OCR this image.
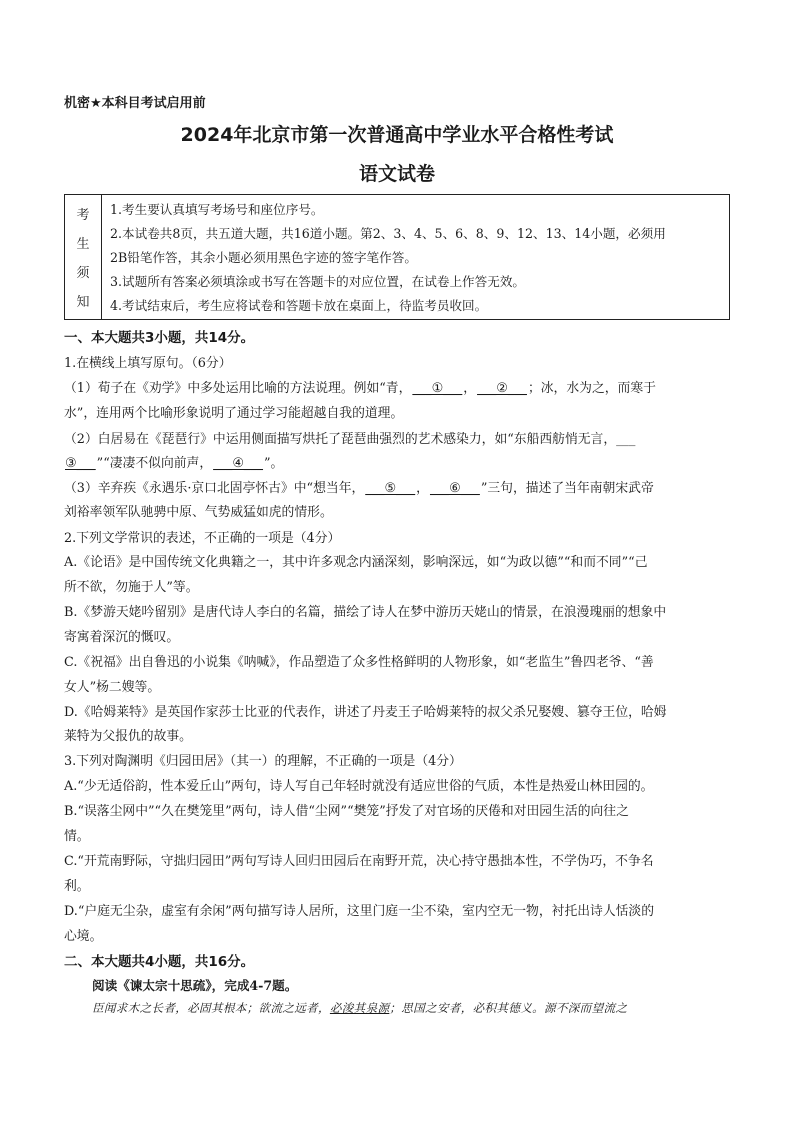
机密★本科目考试启用前
2024年北京市第一次普通高中学业水平合格性考试
语文试卷
考
生
须
知
1.考生要认真填写考场号和座位序号。
2.本试卷共8页，共五道大题，共16道小题。第2、3、4、5、6、8、9、12、13、14小题，必须用
2B铅笔作答，其余小题必须用黑色字迹的签字笔作答。
3.试题所有答案必须填涂或书写在答题卡的对应位置，在试卷上作答无效。
4.考试结束后，考生应将试卷和答题卡放在桌面上，待监考员收回。
一、本大题共3小题，共14分。
1.在横线上填写原句。（6分）
（1）荀子在《劝学》中多处运用比喻的方法说理。例如“青，___①___，___②___；冰，水为之，而寒于
水”，连用两个比喻形象说明了通过学习能超越自我的道理。
（2）白居易在《琵琶行》中运用侧面描写烘托了琵琶曲强烈的艺术感染力，如“东船西舫悄无言，___
③___”“凄凄不似向前声，___④___”。
（3）辛弃疾《永遇乐·京口北固亭怀古》中“想当年，___⑤___，___⑥___”三句，描述了当年南朝宋武帝
刘裕率领军队驰骋中原、气势威猛如虎的情形。
2.下列文学常识的表述，不正确的一项是（4分）
A.《论语》是中国传统文化典籍之一，其中许多观念内涵深刻，影响深远，如“为政以德”“和而不同”“己
所不欲，勿施于人”等。
B.《梦游天姥吟留别》是唐代诗人李白的名篇，描绘了诗人在梦中游历天姥山的情景，在浪漫瑰丽的想象中
寄寓着深沉的慨叹。
C.《祝福》出自鲁迅的小说集《呐喊》，作品塑造了众多性格鲜明的人物形象，如“老监生”鲁四老爷、“善
女人”杨二嫂等。
D.《哈姆莱特》是英国作家莎士比亚的代表作，讲述了丹麦王子哈姆莱特的叔父杀兄娶嫂、篡夺王位，哈姆
莱特为父报仇的故事。
3.下列对陶渊明《归园田居》（其一）的理解，不正确的一项是（4分）
A.“少无适俗韵，性本爱丘山”两句，诗人写自己年轻时就没有适应世俗的气质，本性是热爱山林田园的。
B.“误落尘网中”“久在樊笼里”两句，诗人借“尘网”“樊笼”抒发了对官场的厌倦和对田园生活的向往之
情。
C.“开荒南野际，守拙归园田”两句写诗人回归田园后在南野开荒，决心持守愚拙本性，不学伪巧，不争名
利。
D.“户庭无尘杂，虚室有余闲”两句描写诗人居所，这里门庭一尘不染，室内空无一物，衬托出诗人恬淡的
心境。
二、本大题共4小题，共16分。
阅读《谏太宗十思疏》，完成4-7题。
臣闻求木之长者，必固其根本；欲流之远者，必浚其泉源；思国之安者，必积其德义。源不深而望流之
